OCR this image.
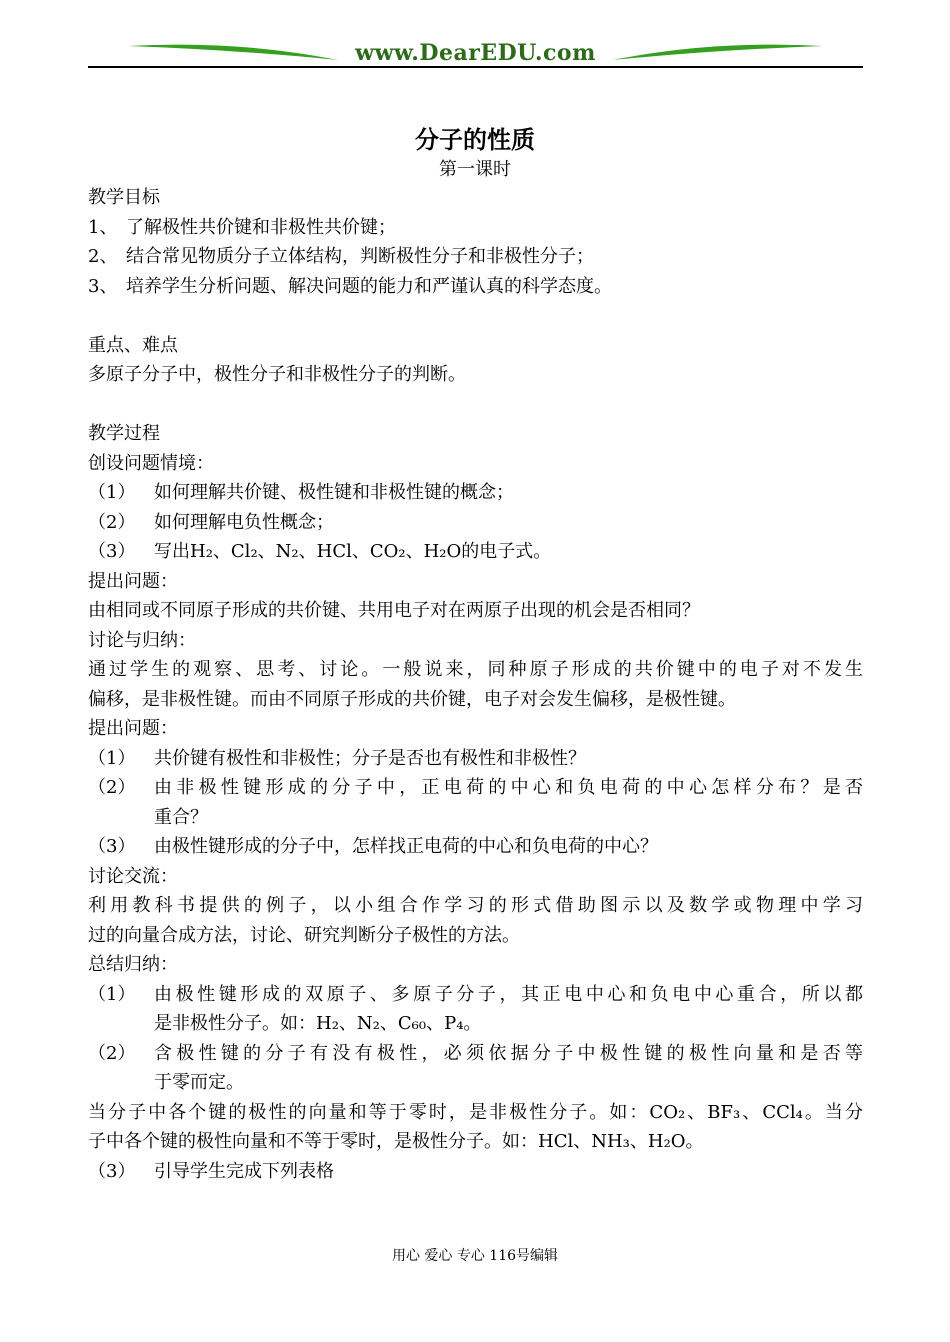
www.DearEDU.com
分子的性质
第一课时
教学目标
1、 了解极性共价键和非极性共价键；
2、 结合常见物质分子立体结构，判断极性分子和非极性分子；
3、 培养学生分析问题、解决问题的能力和严谨认真的科学态度。
重点、难点
多原子分子中，极性分子和非极性分子的判断。
教学过程
创设问题情境：
（1）	如何理解共价键、极性键和非极性键的概念；
（2）	如何理解电负性概念；
（3）	写出H₂、Cl₂、N₂、HCl、CO₂、H₂O的电子式。
提出问题：
由相同或不同原子形成的共价键、共用电子对在两原子出现的机会是否相同？
讨论与归纳：
通过学生的观察、思考、讨论。一般说来，同种原子形成的共价键中的电子对不发生
偏移，是非极性键。而由不同原子形成的共价键，电子对会发生偏移，是极性键。
提出问题：
（1）	共价键有极性和非极性；分子是否也有极性和非极性？
（2）	由非极性键形成的分子中，正电荷的中心和负电荷的中心怎样分布？是否
重合？
（3）	由极性键形成的分子中，怎样找正电荷的中心和负电荷的中心？
讨论交流：
利用教科书提供的例子，以小组合作学习的形式借助图示以及数学或物理中学习
过的向量合成方法，讨论、研究判断分子极性的方法。
总结归纳：
（1）	由极性键形成的双原子、多原子分子，其正电中心和负电中心重合，所以都
是非极性分子。如：H₂、N₂、C₆₀、P₄。
（2）	含极性键的分子有没有极性，必须依据分子中极性键的极性向量和是否等
于零而定。
当分子中各个键的极性的向量和等于零时，是非极性分子。如：CO₂、BF₃、CCl₄。当分
子中各个键的极性向量和不等于零时，是极性分子。如：HCl、NH₃、H₂O。
（3）	引导学生完成下列表格
用心 爱心 专心 116号编辑
